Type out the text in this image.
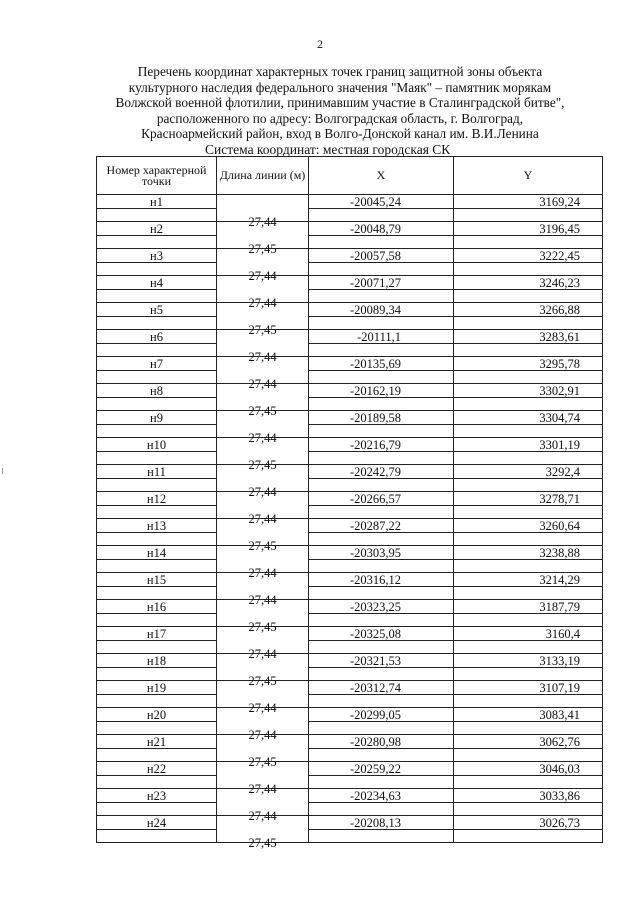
2
Перечень координат характерных точек границ защитной зоны объекта
культурного наследия федерального значения "Маяк" – памятник морякам
Волжской военной флотилии, принимавшим участие в Сталинградской битве",
расположенного по адресу: Волгоградская область, г. Волгоград,
Красноармейский район, вход в Волго-Донской канал им. В.И.Ленина
Система координат: местная городская СК
Номер характерной точки	Длина линии (м)	X	Y
н1	27,44	-20045,24	3169,24

н2	27,45	-20048,79	3196,45

н3	27,44	-20057,58	3222,45

н4	27,44	-20071,27	3246,23

н5	27,45	-20089,34	3266,88

н6	27,44	-20111,1	3283,61

н7	27,44	-20135,69	3295,78

н8	27,45	-20162,19	3302,91

н9	27,44	-20189,58	3304,74

н10	27,45	-20216,79	3301,19

н11	27,44	-20242,79	3292,4

н12	27,44	-20266,57	3278,71

н13	27,45	-20287,22	3260,64

н14	27,44	-20303,95	3238,88

н15	27,44	-20316,12	3214,29

н16	27,45	-20323,25	3187,79

н17	27,44	-20325,08	3160,4

н18	27,45	-20321,53	3133,19

н19	27,44	-20312,74	3107,19

н20	27,44	-20299,05	3083,41

н21	27,45	-20280,98	3062,76

н22	27,44	-20259,22	3046,03

н23	27,44	-20234,63	3033,86

н24	27,45	-20208,13	3026,73
